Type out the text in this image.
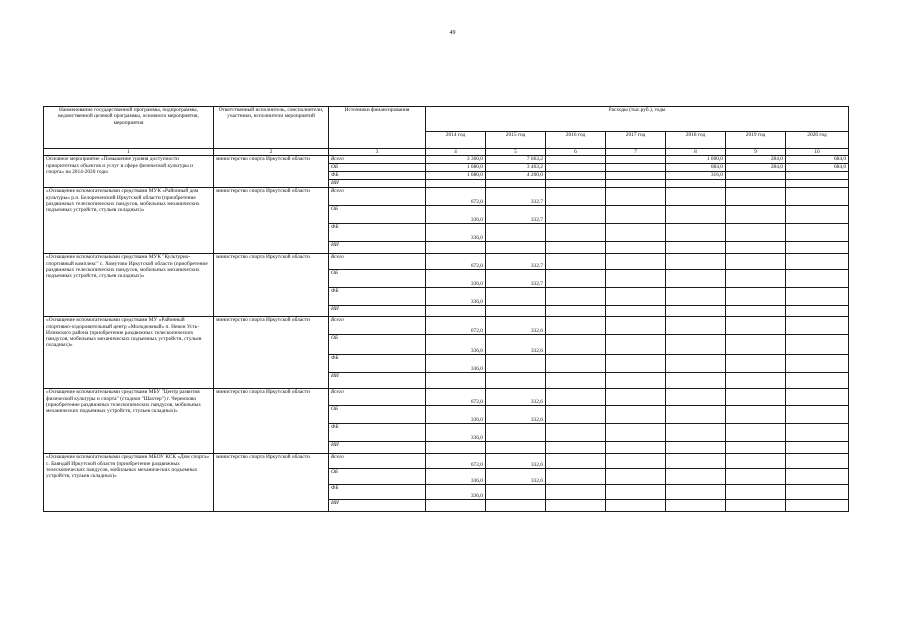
49
Наименование государственной программы, подпрограммы, ведомственной целевой программы, основного мероприятия, мероприятия	Ответственный исполнитель, соисполнители, участники, исполнители мероприятий	Источники финансирования	Расходы (тыс.руб.), годы						
			2014 год	2015 год	2016 год	2017 год	2018 год	2019 год	2020 год
1	2	3	4	5	6	7	8	9	10
Основное мероприятие «Повышение уровня доступности приоритетных объектов и услуг в сфере физической культуры и спорта» на 2014-2020 годы	министерство спорта Иркутской области	Всего	3 360,0	7 663,2			1 000,0	284,0	684,0
		ОБ	1 680,0	3 463,2			684,0	284,0	684,0
		ФБ	1 680,0	4 200,0			316,0		
		ИИ							
«Оснащение вспомогательными средствами МУК «Районный дом культуры» р.п. Белореченский Иркутской области (приобретение раздвижных телескопических пандусов, мобильных механических подъемных устройств, стульев складных)»	министерство спорта Иркутской области	Всего	672,0	332,7					
		ОБ	336,0	332,7					
		ФБ	336,0						
		ИИ							
«Оснащение вспомогательными средствами МУК "Культурно-спортивный комплекс" с. Хомутово Иркутской области (приобретение раздвижных телескопических пандусов, мобильных механических подъемных устройств, стульев складных)»	министерство спорта Иркутской области	Всего	672,0	332,7					
		ОБ	336,0	332,7					
		ФБ	336,0						
		ИИ							
«Оснащение вспомогательными средствами МУ «Районный спортивно-оздоровительный центр «Молодежный» п. Невон Усть-Илимского района (приобретение раздвижных телескопических пандусов, мобильных механических подъемных устройств, стульев складных)»	министерство спорта Иркутской области	Всего	672,0	332,6					
		ОБ	336,0	332,6					
		ФБ	336,0						
		ИИ							
«Оснащение вспомогательными средствами МБУ "Центр развития физической культуры и спорта" (стадион "Шахтер") г. Черемхово (приобретение раздвижных телескопических пандусов, мобильных механических подъемных устройств, стульев складных)»	министерство спорта Иркутской области	Всего	672,0	332,6					
		ОБ	336,0	332,6					
		ФБ	336,0						
		ИИ							
«Оснащение вспомогательными средствами МБОУ КСК «Дом спорта» с. Баяндай Иркутской области (приобретение раздвижных телескопических пандусов, мобильных механических подъемных устройств, стульев складных)»	министерство спорта Иркутской области	Всего	672,0	332,6					
		ОБ	336,0	332,6					
		ФБ	336,0						
		ИИ							
